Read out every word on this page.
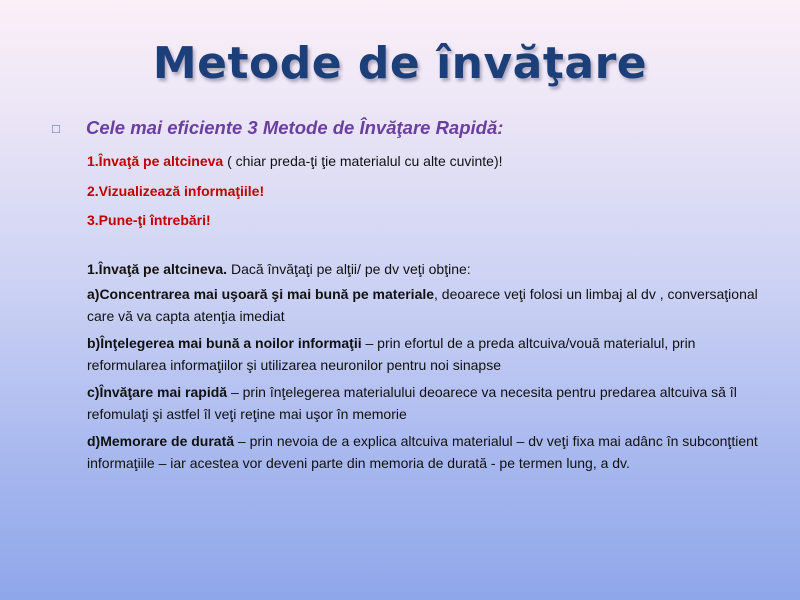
Metode de învăţare
□	Cele mai eficiente 3 Metode de Învăţare Rapidă:

1.Învaţă pe altcineva ( chiar preda-ţi ţie materialul cu alte cuvinte)!
2.Vizualizează informaţiile!
3.Pune-ţi întrebări!
1.Învaţă pe altcineva. Dacă învăţaţi pe alţii/ pe dv veţi obţine:
a)Concentrarea mai uşoară şi mai bună pe materiale, deoarece veţi folosi un limbaj al dv , conversaţional care vă va capta atenţia imediat
b)Înţelegerea mai bună a noilor informaţii – prin efortul de a preda altcuiva/vouă materialul, prin reformularea informaţiilor şi utilizarea neuronilor pentru noi sinapse
c)Învăţare mai rapidă – prin înţelegerea materialului deoarece va necesita pentru predarea altcuiva să îl refomulaţi şi astfel îl veţi reţine mai uşor în memorie
d)Memorare de durată – prin nevoia de a explica altcuiva materialul – dv veţi fixa mai adânc în subconţtient informaţiile – iar acestea vor deveni parte din memoria de durată - pe termen lung, a dv.
